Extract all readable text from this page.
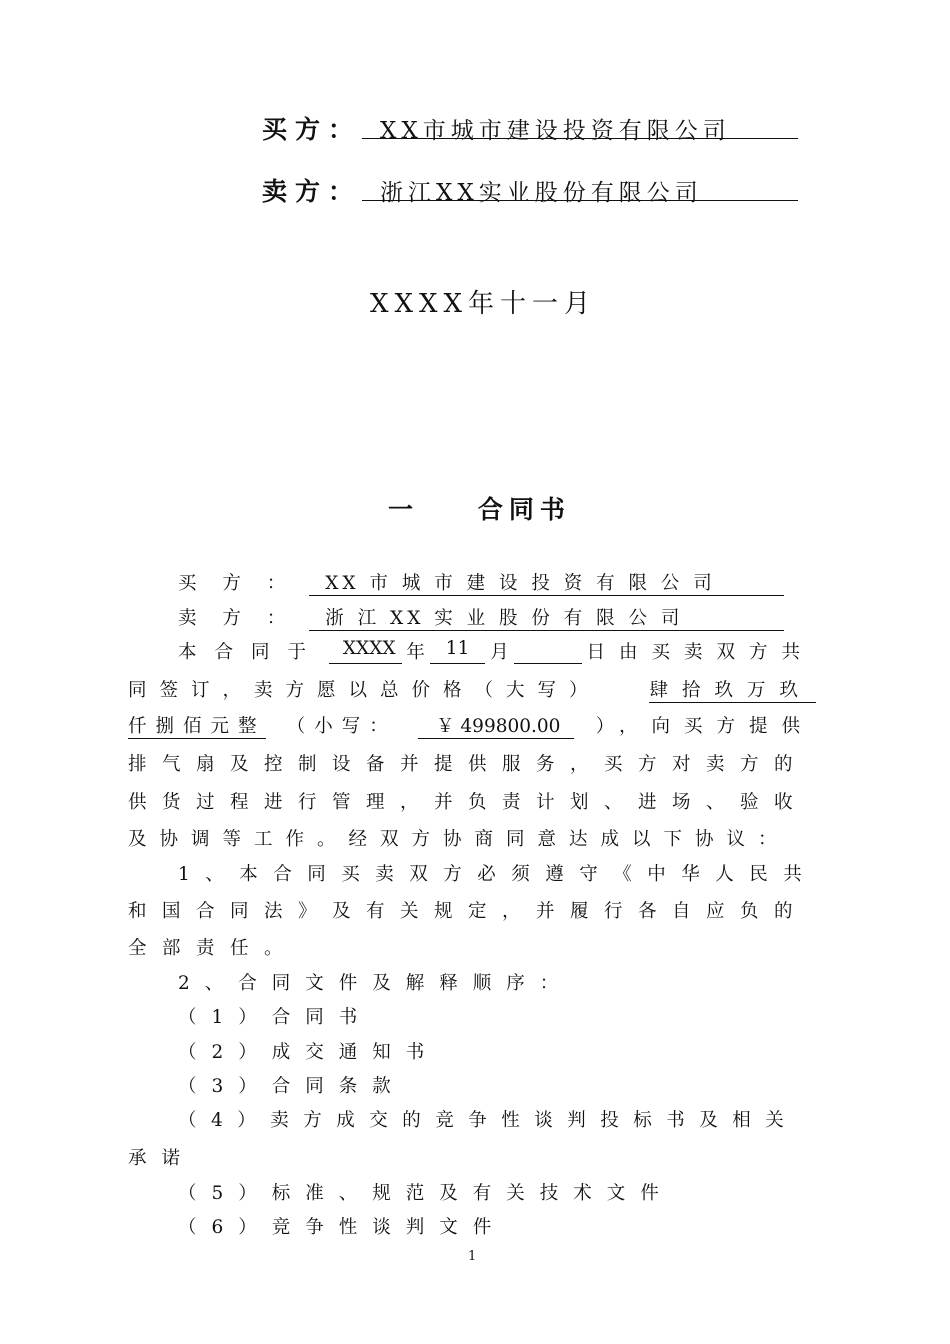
买方： XX市城市建设投资有限公司
卖方： 浙江XX实业股份有限公司
XXXX年十一月
一    合同书
买 方 ：	XX 市 城 市 建 设 投 资 有 限 公 司
卖 方 ：	浙 江 XX 实 业 股 份 有 限 公 司
本合同于	XXXX 年	11	月	日由买卖双方共
同签订，卖方愿以总价格（大写）	肆拾玖万玖
仟捌佰元整 （小写：	￥ 499800.00	），向买方提供
排气扇及控制设备并提供服务，买方对卖方的
供货过程进行管理，并负责计划、进场、验收
及协调等工作。经双方协商同意达成以下协议：
1、本合同买卖双方必须遵守《中华人民共
和国合同法》及有关规定，并履行各自应负的
全部责任。
2、合同文件及解释顺序：
（1）合同书
（2）成交通知书
（3）合同条款
（4）卖方成交的竞争性谈判投标书及相关
承诺
（5）标准、规范及有关技术文件
（6）竞争性谈判文件
1
